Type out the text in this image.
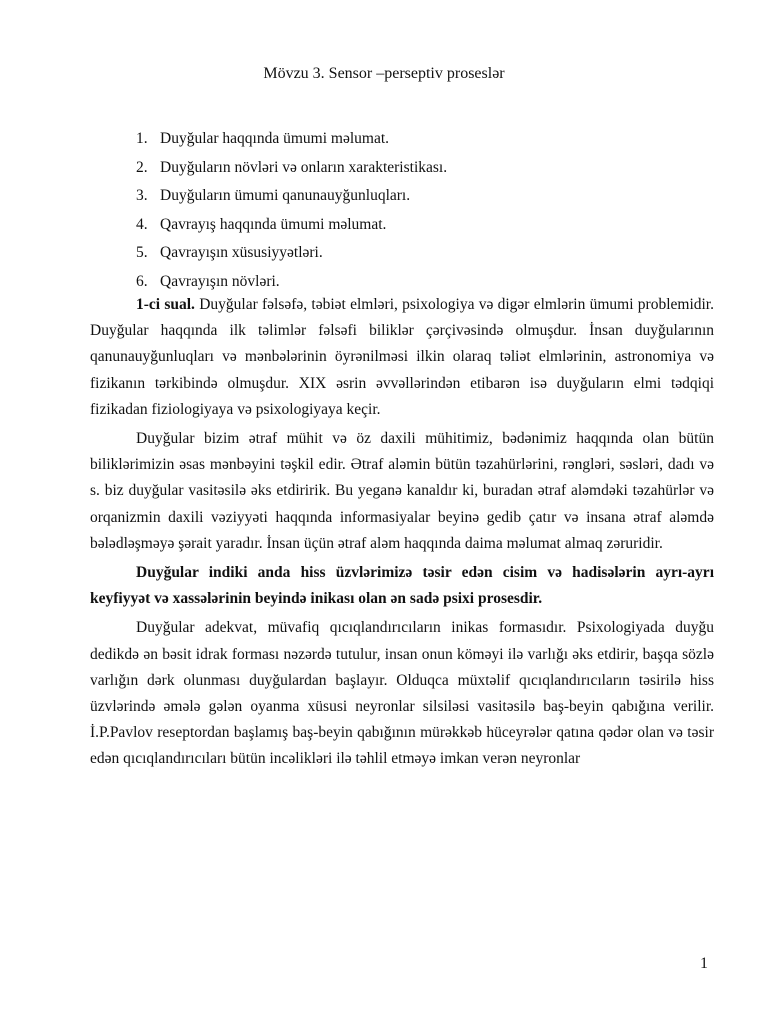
Mövzu 3. Sensor –perseptiv proseslər
1. Duyğular haqqında ümumi məlumat.
2. Duyğuların növləri və onların xarakteristikası.
3. Duyğuların ümumi qanunauyğunluqları.
4. Qavrayış haqqında ümumi məlumat.
5. Qavrayışın xüsusiyyətləri.
6. Qavrayışın növləri.

1-ci sual. Duyğular fəlsəfə, təbiət elmləri, psixologiya və digər elmlərin ümumi problemidir. Duyğular haqqında ilk təlimlər fəlsəfi biliklər çərçivəsində olmuşdur. İnsan duyğularının qanunauyğunluqları və mənbələrinin öyrənilməsi ilkin olaraq təliət elmlərinin, astronomiya və fizikanın tərkibində olmuşdur. XIX əsrin əvvəllərindən etibarən isə duyğuların elmi tədqiqi fizikadan fiziologiyaya və psixologiyaya keçir.

Duyğular bizim ətraf mühit və öz daxili mühitimiz, bədənimiz haqqında olan bütün biliklərimizin əsas mənbəyini təşkil edir. Ətraf aləmin bütün təzahürlərini, rəngləri, səsləri, dadı və s. biz duyğular vasitəsilə əks etdiririk. Bu yeganə kanaldır ki, buradan ətraf aləmdəki təzahürlər və orqanizmin daxili vəziyyəti haqqında informasiyalar beyinə gedib çatır və insana ətraf aləmdə bələdləşməyə şərait yaradır. İnsan üçün ətraf aləm haqqında daima məlumat almaq zəruridir.

Duyğular indiki anda hiss üzvlərimizə təsir edən cisim və hadisələrin ayrı-ayrı keyfiyyət və xassələrinin beyində inikası olan ən sadə psixi prosesdir.

Duyğular adekvat, müvafiq qıcıqlandırıcıların inikas formasıdır. Psixologiyada duyğu dedikdə ən bəsit idrak forması nəzərdə tutulur, insan onun köməyi ilə varlığı əks etdirir, başqa sözlə varlığın dərk olunması duyğulardan başlayır. Olduqca müxtəlif qıcıqlandırıcıların təsirilə hiss üzvlərində əmələ gələn oyanma xüsusi neyronlar silsiləsi vasitəsilə baş-beyin qabığına verilir. İ.P.Pavlov reseptordan başlamış baş-beyin qabığının mürəkkəb hüceyrələr qatına qədər olan və təsir edən qıcıqlandırıcıları bütün incəlikləri ilə təhlil etməyə imkan verən neyronlar

1
